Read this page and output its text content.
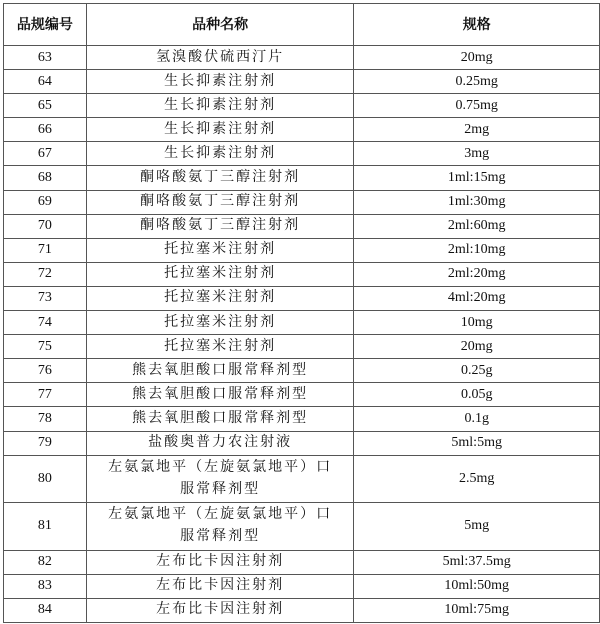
品规编号	品种名称	规格
63	氢溴酸伏硫西汀片	20mg
64	生长抑素注射剂	0.25mg
65	生长抑素注射剂	0.75mg
66	生长抑素注射剂	2mg
67	生长抑素注射剂	3mg
68	酮咯酸氨丁三醇注射剂	1ml:15mg
69	酮咯酸氨丁三醇注射剂	1ml:30mg
70	酮咯酸氨丁三醇注射剂	2ml:60mg
71	托拉塞米注射剂	2ml:10mg
72	托拉塞米注射剂	2ml:20mg
73	托拉塞米注射剂	4ml:20mg
74	托拉塞米注射剂	10mg
75	托拉塞米注射剂	20mg
76	熊去氧胆酸口服常释剂型	0.25g
77	熊去氧胆酸口服常释剂型	0.05g
78	熊去氧胆酸口服常释剂型	0.1g
79	盐酸奥普力农注射液	5ml:5mg
80	左氨氯地平（左旋氨氯地平）口服常释剂型	2.5mg
81	左氨氯地平（左旋氨氯地平）口服常释剂型	5mg
82	左布比卡因注射剂	5ml:37.5mg
83	左布比卡因注射剂	10ml:50mg
84	左布比卡因注射剂	10ml:75mg
